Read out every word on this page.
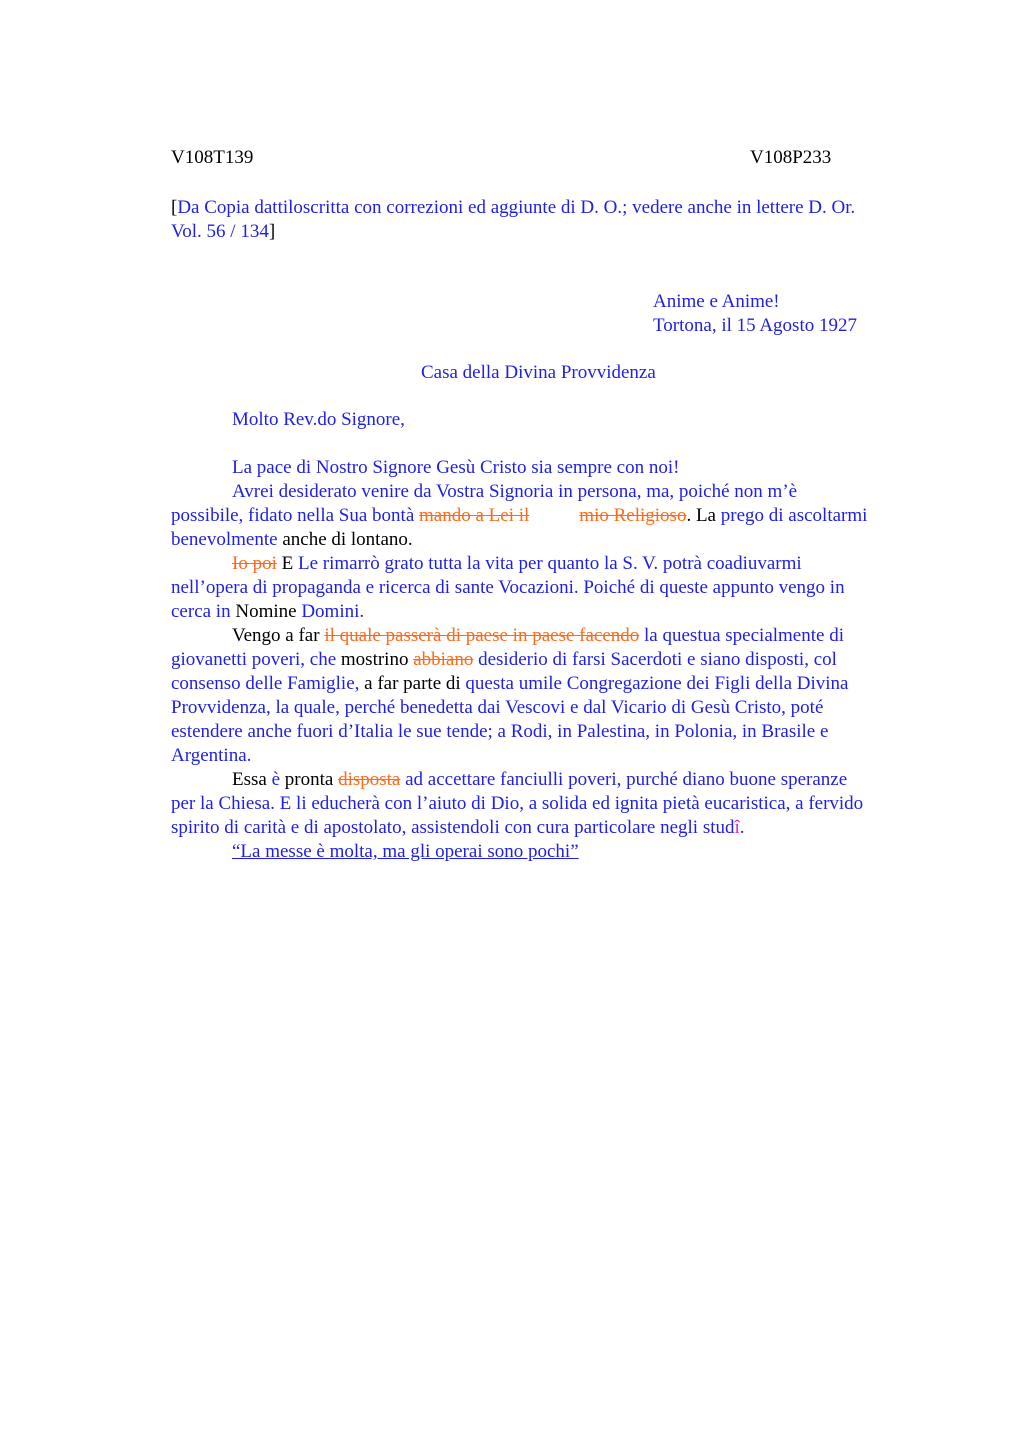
V108T139	V108P233
[Da Copia dattiloscritta con correzioni ed aggiunte di D. O.; vedere anche in lettere D. Or.
Vol. 56 / 134]
Anime e Anime!
Tortona, il 15 Agosto 1927
Casa della Divina Provvidenza
Molto Rev.do Signore,
La pace di Nostro Signore Gesù Cristo sia sempre con noi!
Avrei desiderato venire da Vostra Signoria in persona, ma, poiché non m’è
possibile, fidato nella Sua bontà mando a Lei il	mio Religioso. La prego di ascoltarmi
benevolmente anche di lontano.
Io poi E Le rimarrò grato tutta la vita per quanto la S. V. potrà coadiuvarmi
nell’opera di propaganda e ricerca di sante Vocazioni. Poiché di queste appunto vengo in
cerca in Nomine Domini.
Vengo a far il quale passerà di paese in paese facendo la questua specialmente di
giovanetti poveri, che mostrino abbiano desiderio di farsi Sacerdoti e siano disposti, col
consenso delle Famiglie, a far parte di questa umile Congregazione dei Figli della Divina
Provvidenza, la quale, perché benedetta dai Vescovi e dal Vicario di Gesù Cristo, poté
estendere anche fuori d’Italia le sue tende; a Rodi, in Palestina, in Polonia, in Brasile e
Argentina.
Essa è pronta disposta ad accettare fanciulli poveri, purché diano buone speranze
per la Chiesa. E li educherà con l’aiuto di Dio, a solida ed ignita pietà eucaristica, a fervido
spirito di carità e di apostolato, assistendoli con cura particolare negli studî.
“La messe è molta, ma gli operai sono pochi”
